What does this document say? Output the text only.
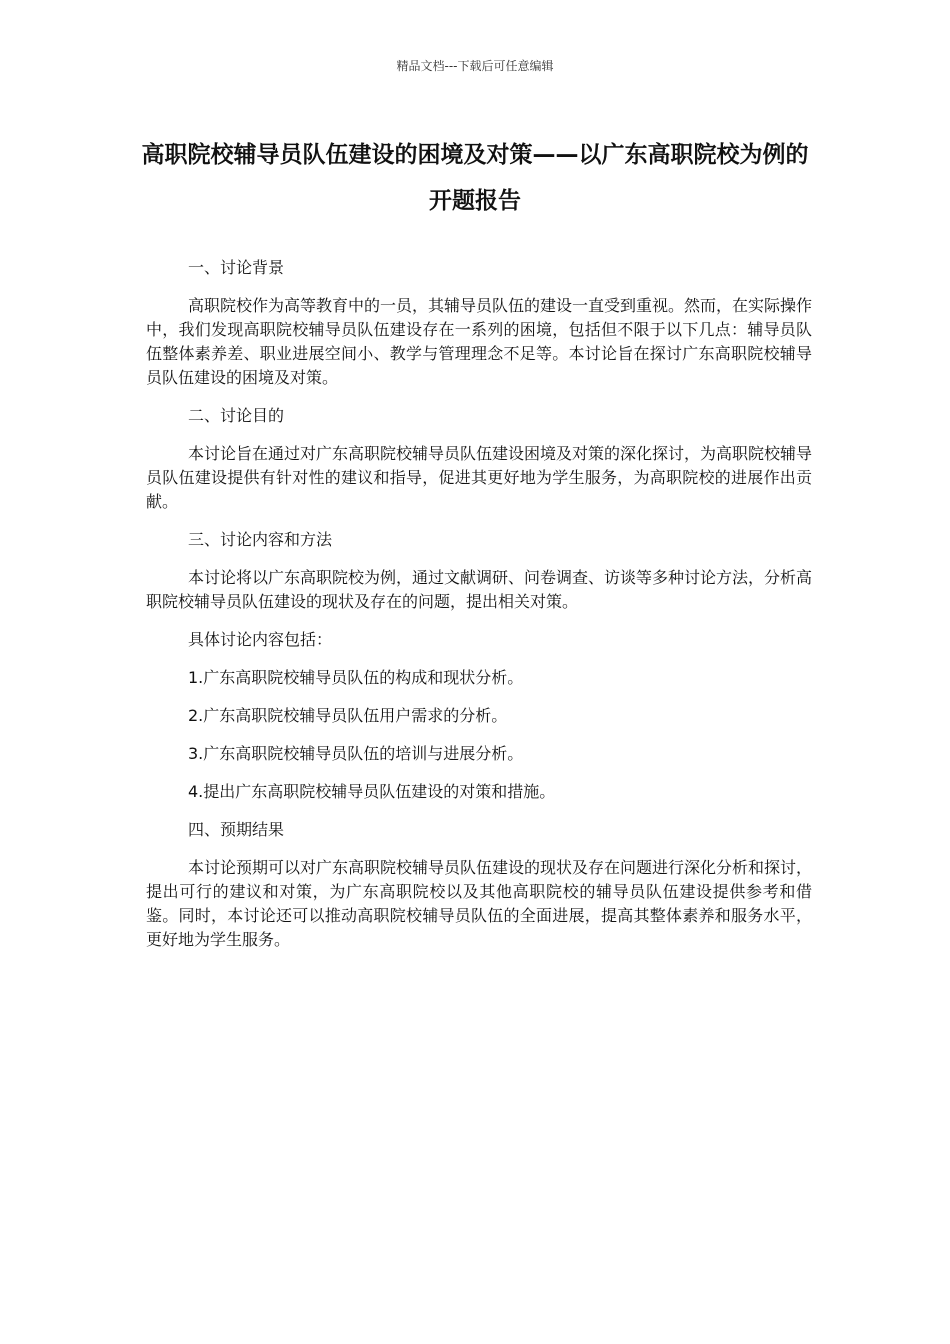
精品文档---下载后可任意编辑
高职院校辅导员队伍建设的困境及对策——以广东高职院校为例的开题报告

一、讨论背景

高职院校作为高等教育中的一员，其辅导员队伍的建设一直受到重视。然而，在实际操作中，我们发现高职院校辅导员队伍建设存在一系列的困境，包括但不限于以下几点：辅导员队伍整体素养差、职业进展空间小、教学与管理理念不足等。本讨论旨在探讨广东高职院校辅导员队伍建设的困境及对策。

二、讨论目的

本讨论旨在通过对广东高职院校辅导员队伍建设困境及对策的深化探讨，为高职院校辅导员队伍建设提供有针对性的建议和指导，促进其更好地为学生服务，为高职院校的进展作出贡献。

三、讨论内容和方法

本讨论将以广东高职院校为例，通过文献调研、问卷调查、访谈等多种讨论方法，分析高职院校辅导员队伍建设的现状及存在的问题，提出相关对策。

具体讨论内容包括：

1.广东高职院校辅导员队伍的构成和现状分析。

2.广东高职院校辅导员队伍用户需求的分析。

3.广东高职院校辅导员队伍的培训与进展分析。

4.提出广东高职院校辅导员队伍建设的对策和措施。

四、预期结果

本讨论预期可以对广东高职院校辅导员队伍建设的现状及存在问题进行深化分析和探讨，提出可行的建议和对策，为广东高职院校以及其他高职院校的辅导员队伍建设提供参考和借鉴。同时，本讨论还可以推动高职院校辅导员队伍的全面进展，提高其整体素养和服务水平，更好地为学生服务。
